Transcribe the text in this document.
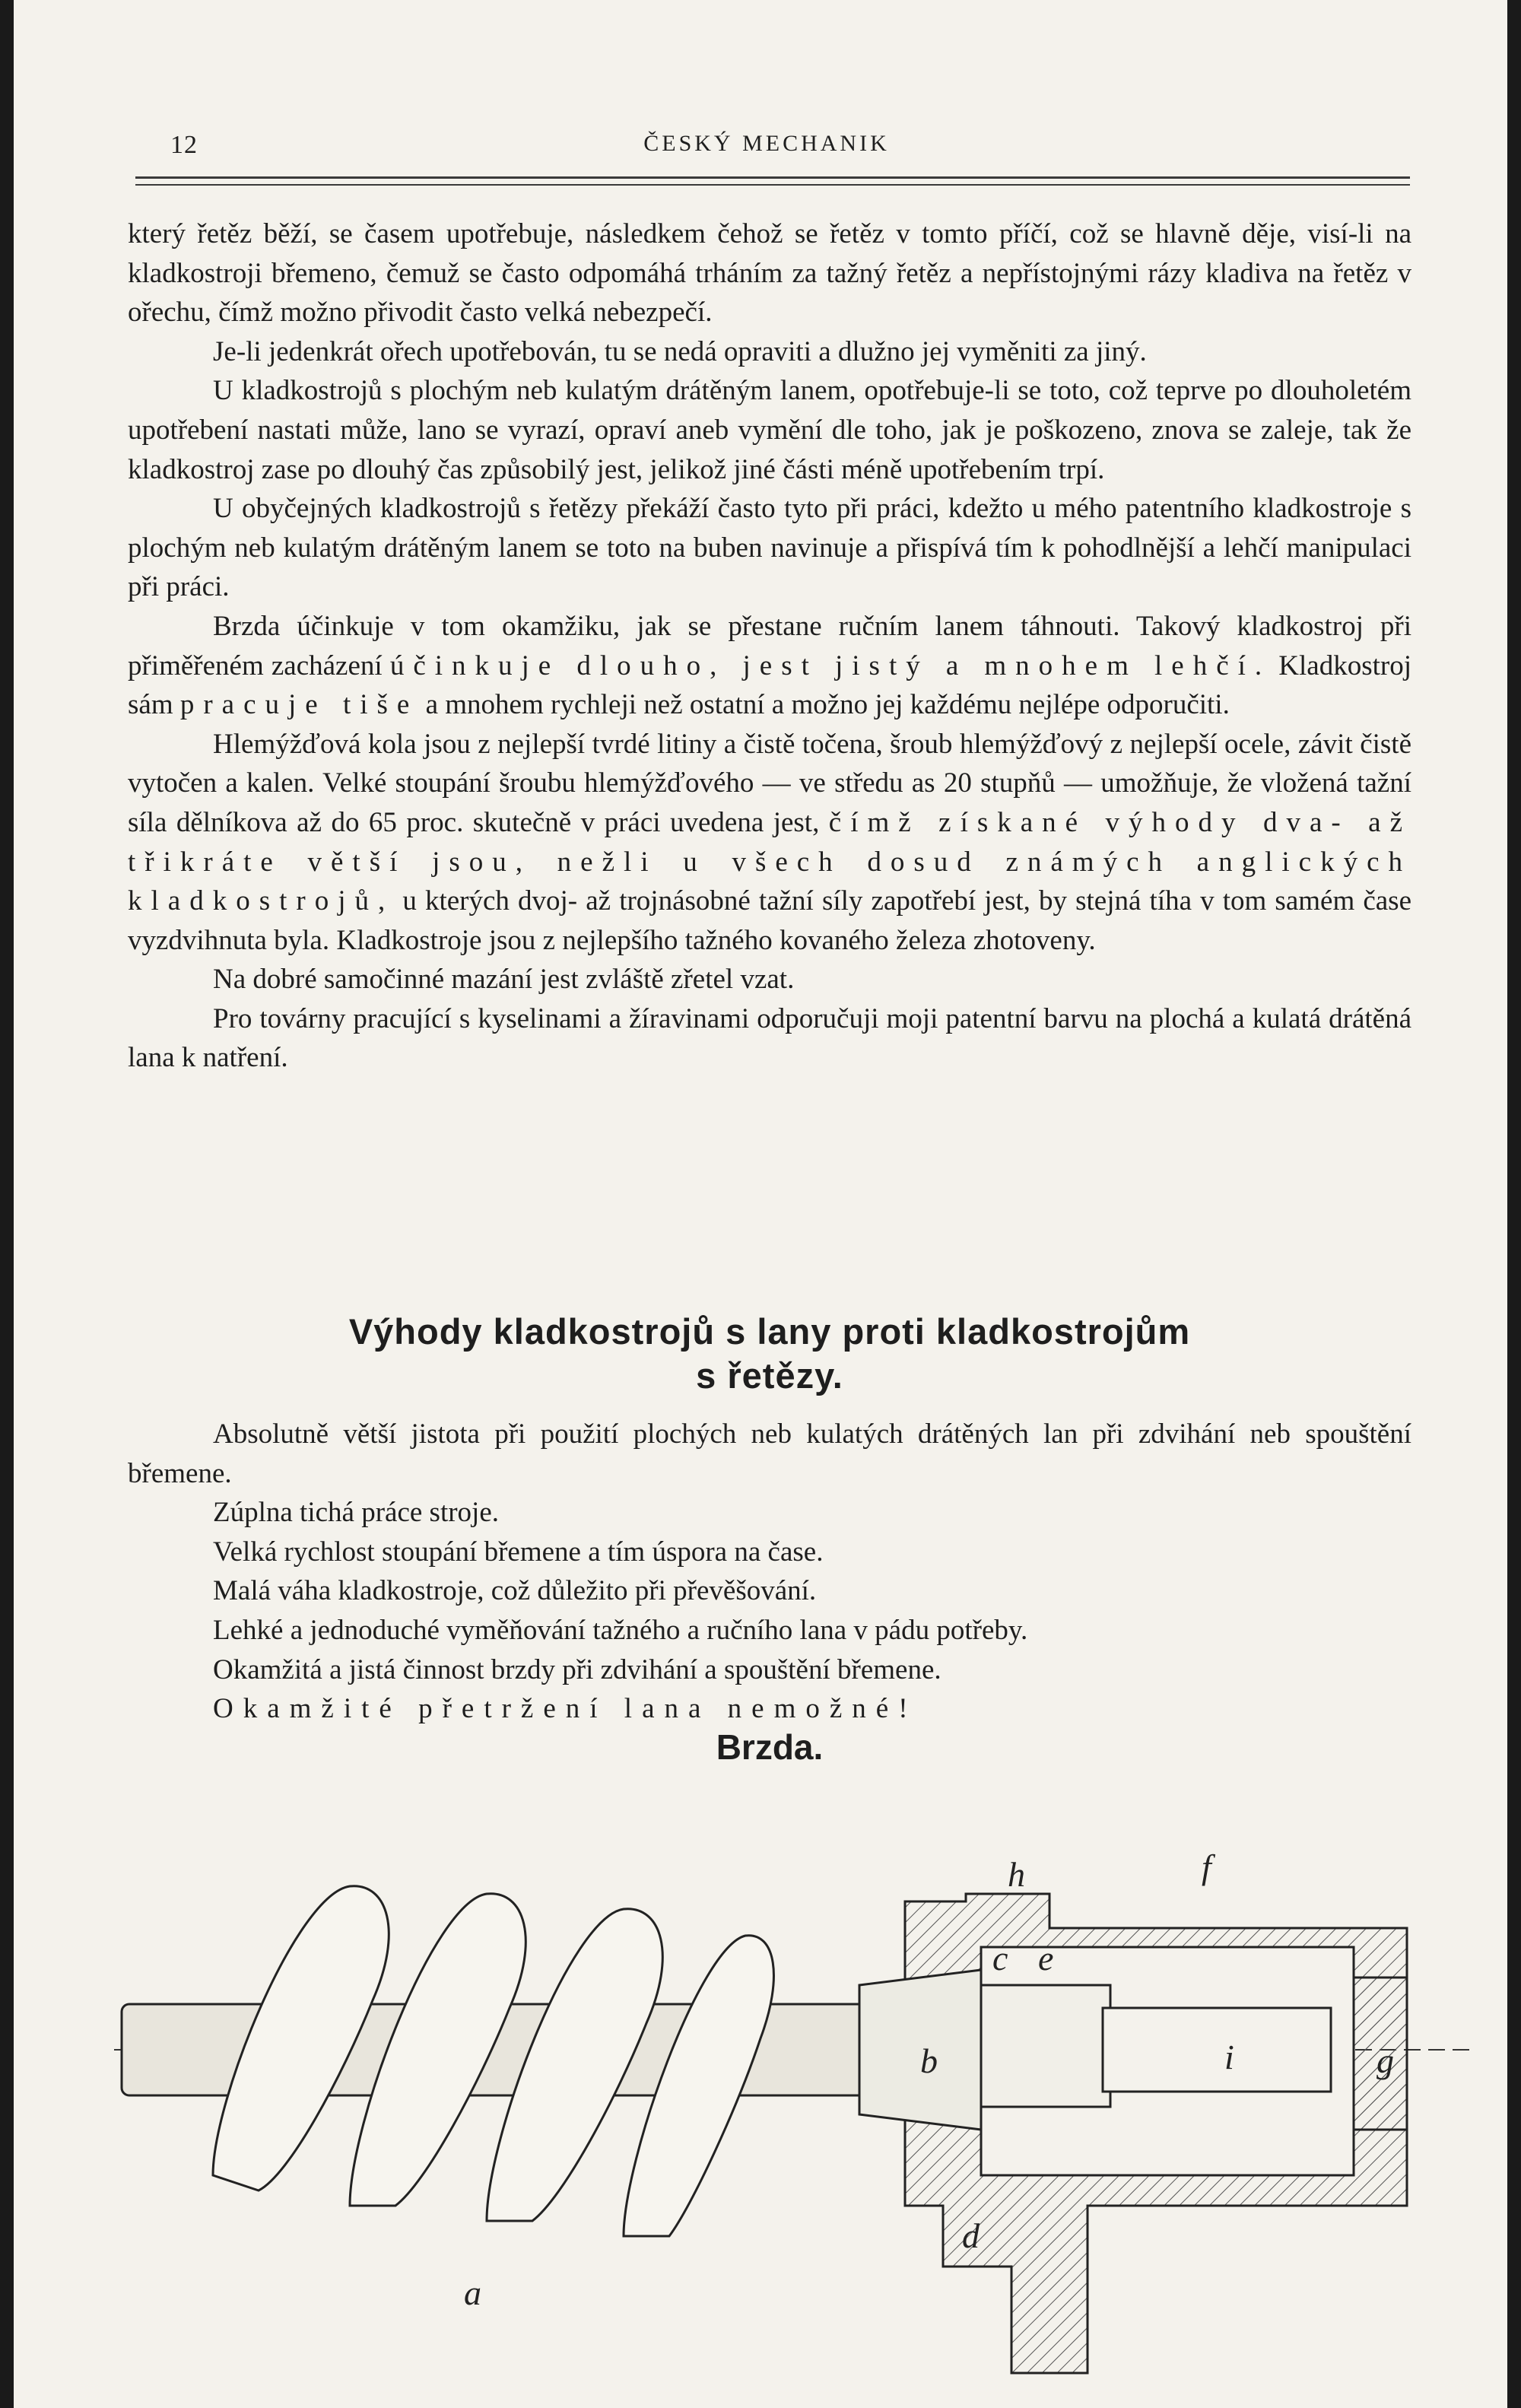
12	ČESKÝ MECHANIK

který řetěz běží, se časem upotřebuje, následkem čehož se řetěz v tomto příčí, což se hlavně děje, visí-li na kladkostroji břemeno, čemuž se často odpomáhá trháním za tažný řetěz a nepřístojnými rázy kladiva na řetěz v ořechu, čímž možno přivodit často velká nebezpečí.

Je-li jedenkrát ořech upotřebován, tu se nedá opraviti a dlužno jej vyměniti za jiný.

U kladkostrojů s plochým neb kulatým drátěným lanem, opotřebuje-li se toto, což teprve po dlouholetém upotřebení nastati může, lano se vyrazí, opraví aneb vymění dle toho, jak je poškozeno, znova se zaleje, tak že kladkostroj zase po dlouhý čas způsobilý jest, jelikož jiné části méně upotřebením trpí.

U obyčejných kladkostrojů s řetězy překáží často tyto při práci, kdežto u mého patentního kladkostroje s plochým neb kulatým drátěným lanem se toto na buben navinuje a přispívá tím k pohodlnější a lehčí manipulaci při práci.

Brzda účinkuje v tom okamžiku, jak se přestane ručním lanem táhnouti. Takový kladkostroj při přiměřeném zacházení účinkuje dlouho, jest jistý a mnohem lehčí. Kladkostroj sám pracuje tiše a mnohem rychleji než ostatní a možno jej každému nejlépe odporučiti.

Hlemýžďová kola jsou z nejlepší tvrdé litiny a čistě točena, šroub hlemýžďový z nejlepší ocele, závit čistě vytočen a kalen. Velké stoupání šroubu hlemýžďového — ve středu as 20 stupňů — umožňuje, že vložená tažní síla dělníkova až do 65 proc. skutečně v práci uvedena jest, čímž získané výhody dva- až třikráte větší jsou, nežli u všech dosud známých anglických kladkostrojů, u kterých dvoj- až trojnásobné tažní síly zapotřebí jest, by stejná tíha v tom samém čase vyzdvihnuta byla. Kladkostroje jsou z nejlepšího tažného kovaného železa zhotoveny.

Na dobré samočinné mazání jest zvláště zřetel vzat.

Pro továrny pracující s kyselinami a žíravinami odporučuji moji patentní barvu na plochá a kulatá drátěná lana k natření.

Výhody kladkostrojů s lany proti kladkostrojům
s řetězy.

Absolutně větší jistota při použití plochých neb kulatých drátěných lan při zdvihání neb spouštění břemene.

Zúplna tichá práce stroje.

Velká rychlost stoupání břemene a tím úspora na čase.

Malá váha kladkostroje, což důležito při převěšování.

Lehké a jednoduché vyměňování tažného a ručního lana v pádu potřeby.

Okamžitá a jistá činnost brzdy při zdvihání a spouštění břemene.

Okamžité přetržení lana nemožné!

Brzda.
a
b
c
d
e
f
g
h
i
